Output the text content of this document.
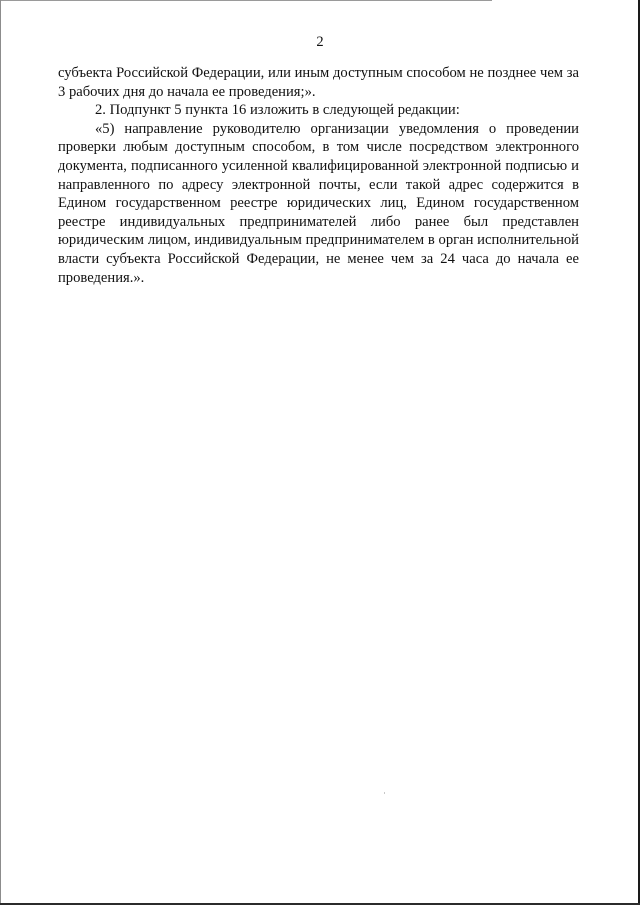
2

субъекта Российской Федерации, или иным доступным способом не позднее чем за 3 рабочих дня до начала ее проведения;».

2. Подпункт 5 пункта 16 изложить в следующей редакции:

«5) направление руководителю организации уведомления о проведении проверки любым доступным способом, в том числе посредством электронного документа, подписанного усиленной квалифицированной электронной подписью и направленного по адресу электронной почты, если такой адрес содержится в Едином государственном реестре юридических лиц, Едином государственном реестре индивидуальных предпринимателей либо ранее был представлен юридическим лицом, индивидуальным предпринимателем в орган исполнительной власти субъекта Российской Федерации, не менее чем за 24 часа до начала ее проведения.».
